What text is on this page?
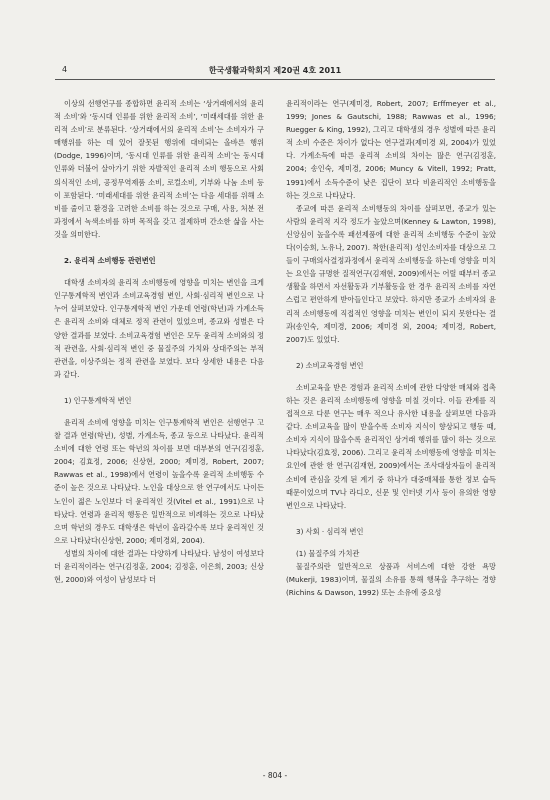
4	한국생활과학회지 제20권 4호 2011

이상의 선행연구를 종합하면 윤리적 소비는 ‘상거래에서의 윤리적 소비’와 ‘동시대 인류를 위한 윤리적 소비’, ‘미래세대를 위한 윤리적 소비’로 분류된다. ‘상거래에서의 윤리적 소비’는 소비자가 구매행위를 하는 데 있어 잘못된 행위에 대비되는 올바른 행위(Dodge, 1996)이며, ‘동시대 인류를 위한 윤리적 소비’는 동시대 인류와 더불어 살아가기 위한 자발적인 윤리적 소비 행동으로 사회의식적인 소비, 공정무역제품 소비, 로컬소비, 기부와 나눔 소비 등이 포함된다. ‘미래세대를 위한 윤리적 소비’는 다음 세대를 위해 소비를 줄이고 환경을 고려한 소비를 하는 것으로 구매, 사용, 처분 전 과정에서 녹색소비를 하며 목적을 갖고 절제하며 간소한 삶을 사는 것을 의미한다.

2. 윤리적 소비행동 관련변인

대학생 소비자의 윤리적 소비행동에 영향을 미치는 변인을 크게 인구통계학적 변인과 소비교육경험 변인, 사회·심리적 변인으로 나누어 살펴보았다. 인구통계학적 변인 가운데 연령(학년)과 가계소득은 윤리적 소비와 대체로 정적 관련이 있었으며, 종교와 성별은 다양한 결과를 보였다. 소비교육경험 변인은 모두 윤리적 소비와의 정적 관련을, 사회·심리적 변인 중 물질주의 가치와 상대주의는 부적 관련을, 이상주의는 정적 관련을 보였다. 보다 상세한 내용은 다음과 같다.

1) 인구통계학적 변인

윤리적 소비에 영향을 미치는 인구통계학적 변인은 선행연구 고찰 결과 연령(학년), 성별, 가계소득, 종교 등으로 나타났다. 윤리적 소비에 대한 연령 또는 학년의 차이를 보면 대부분의 연구(김정훈, 2004; 김효정, 2006; 신상현, 2000; 제미경, Robert, 2007; Rawwas et al., 1998)에서 연령이 높을수록 윤리적 소비행동 수준이 높은 것으로 나타났다. 노인을 대상으로 한 연구에서도 나이든 노인이 젊은 노인보다 더 윤리적인 것(Vitel et al., 1991)으로 나타났다. 연령과 윤리적 행동은 일반적으로 비례하는 것으로 나타났으며 학년의 경우도 대학생은 학년이 올라갈수록 보다 윤리적인 것으로 나타났다(신상현, 2000; 제미경외, 2004).

성별의 차이에 대한 결과는 다양하게 나타났다. 남성이 여성보다 더 윤리적이라는 연구(김정훈, 2004; 김정훈, 이은희, 2003; 신상현, 2000)와 여성이 남성보다 더

윤리적이라는 연구(제미경, Robert, 2007; Erffmeyer et al., 1999; Jones & Gautschi, 1988; Rawwas et al., 1996; Ruegger & King, 1992), 그리고 대학생의 경우 성별에 따른 윤리적 소비 수준은 차이가 없다는 연구결과(제미경 외, 2004)가 있었다. 가계소득에 따른 윤리적 소비의 차이는 많은 연구(김정훈, 2004; 송인숙, 제미경, 2006; Muncy & Vitell, 1992; Pratt, 1991)에서 소득수준이 낮은 집단이 보다 비윤리적인 소비행동을 하는 것으로 나타났다.

종교에 따른 윤리적 소비행동의 차이를 살펴보면, 종교가 있는 사람의 윤리적 지각 정도가 높았으며(Kenney & Lawton, 1998), 신앙심이 높을수록 패션제품에 대한 윤리적 소비행동 수준이 높았다(이승희, 노유나, 2007). 착한(윤리적) 성인소비자를 대상으로 그들이 구매의사결정과정에서 윤리적 소비행동을 하는데 영향을 미치는 요인을 규명한 질적연구(김재현, 2009)에서는 어릴 때부터 종교생활을 하면서 자선활동과 기부활동을 한 경우 윤리적 소비를 자연스럽고 편안하게 받아들인다고 보았다. 하지만 종교가 소비자의 윤리적 소비행동에 직접적인 영향을 미치는 변인이 되지 못한다는 결과(송인숙, 제미경, 2006; 제미경 외, 2004; 제미경, Robert, 2007)도 있었다.

2) 소비교육경험 변인

소비교육을 받은 경험과 윤리적 소비에 관한 다양한 매체와 접촉하는 것은 윤리적 소비행동에 영향을 미칠 것이다. 이들 관계를 직접적으로 다룬 연구는 매우 적으나 유사한 내용을 살펴보면 다음과 같다. 소비교육을 많이 받을수록 소비자 지식이 향상되고 행동 때, 소비자 지식이 많을수록 윤리적인 상거래 행위를 많이 하는 것으로 나타났다(김효정, 2006). 그리고 윤리적 소비행동에 영향을 미치는 요인에 관한 한 연구(김재현, 2009)에서는 조사대상자들이 윤리적 소비에 관심을 갖게 된 계기 중 하나가 대중매체를 통한 정보 습득 때문이었으며 TV나 라디오, 신문 및 인터넷 기사 등이 유의한 영향 변인으로 나타났다.

3) 사회 · 심리적 변인

(1) 물질주의 가치관

물질주의란 일반적으로 상품과 서비스에 대한 강한 욕망(Mukerji, 1983)이며, 물질의 소유를 통해 행복을 추구하는 경향(Richins & Dawson, 1992) 또는 소유에 중요성

- 804 -
